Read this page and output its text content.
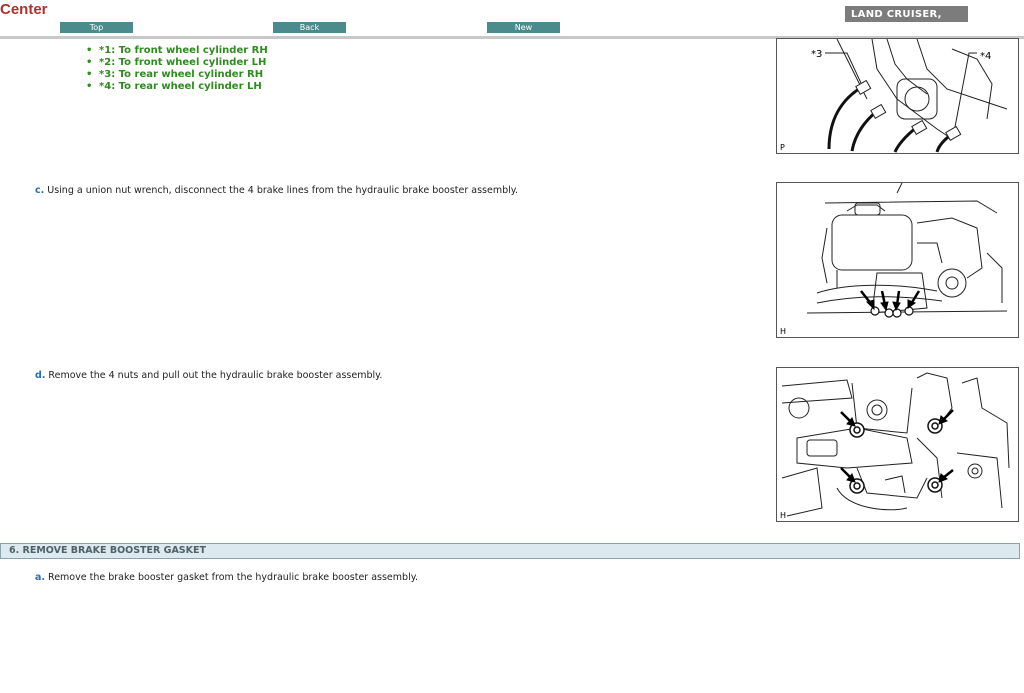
Center
Top	Back	New
LAND CRUISER,
• *1: To front wheel cylinder RH
• *2: To front wheel cylinder LH
• *3: To rear wheel cylinder RH
• *4: To rear wheel cylinder LH
*3	*4
P
c. Using a union nut wrench, disconnect the 4 brake lines from the hydraulic brake booster assembly.
H
d. Remove the 4 nuts and pull out the hydraulic brake booster assembly.
H
6. REMOVE BRAKE BOOSTER GASKET
a. Remove the brake booster gasket from the hydraulic brake booster assembly.
